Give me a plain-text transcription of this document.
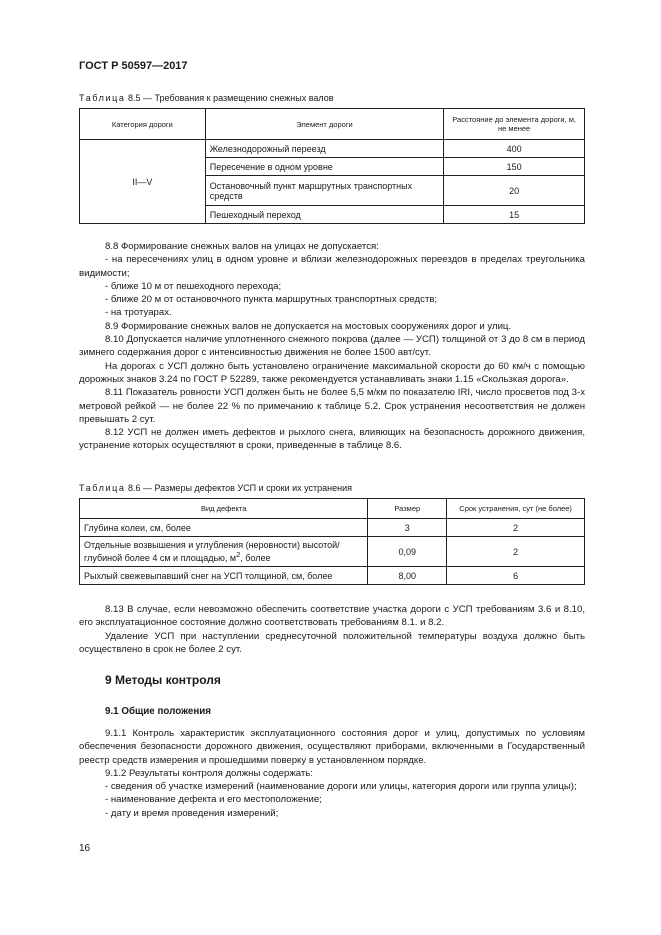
ГОСТ Р 50597—2017
Таблица 8.5 — Требования к размещению снежных валов
Категория дороги	Элемент дороги	Расстояние до элемента дороги, м, не менее
II—V	Железнодорожный переезд	400
	Пересечение в одном уровне	150
	Остановочный пункт маршрутных транспортных средств	20
	Пешеходный переход	15

8.8 Формирование снежных валов на улицах не допускается:

- на пересечениях улиц в одном уровне и вблизи железнодорожных переездов в пределах треугольника видимости;

- ближе 10 м от пешеходного перехода;

- ближе 20 м от остановочного пункта маршрутных транспортных средств;

- на тротуарах.

8.9 Формирование снежных валов не допускается на мостовых сооружениях дорог и улиц.

8.10 Допускается наличие уплотненного снежного покрова (далее — УСП) толщиной от 3 до 8 см в период зимнего содержания дорог с интенсивностью движения не более 1500 авт/сут.

На дорогах с УСП должно быть установлено ограничение максимальной скорости до 60 км/ч с помощью дорожных знаков 3.24 по ГОСТ Р 52289, также рекомендуется устанавливать знаки 1.15 «Скользкая дорога».

8.11 Показатель ровности УСП должен быть не более 5,5 м/км по показателю IRI, число просветов под 3-х метровой рейкой — не более 22 % по примечанию к таблице 5.2. Срок устранения несоответствия не должен превышать 2 сут.

8.12 УСП не должен иметь дефектов и рыхлого снега, влияющих на безопасность дорожного движения, устранение которых осуществляют в сроки, приведенные в таблице 8.6.

Таблица 8.6 — Размеры дефектов УСП и сроки их устранения
Вид дефекта	Размер	Срок устранения, сут (не более)
Глубина колеи, см, более	3	2
Отдельные возвышения и углубления (неровности) высотой/глубиной более 4 см и площадью, $м^2$, более	0,09	2
Рыхлый свежевыпавший снег на УСП толщиной, см, более	8,00	6

8.13 В случае, если невозможно обеспечить соответствие участка дороги с УСП требованиям 3.6 и 8.10, его эксплуатационное состояние должно соответствовать требованиям 8.1. и 8.2.

Удаление УСП при наступлении среднесуточной положительной температуры воздуха должно быть осуществлено в срок не более 2 сут.

9 Методы контроля
9.1 Общие положения

9.1.1 Контроль характеристик эксплуатационного состояния дорог и улиц, допустимых по условиям обеспечения безопасности дорожного движения, осуществляют приборами, включенными в Государственный реестр средств измерения и прошедшими поверку в установленном порядке.

9.1.2 Результаты контроля должны содержать:

- сведения об участке измерений (наименование дороги или улицы, категория дороги или группа улицы);

- наименование дефекта и его местоположение;

- дату и время проведения измерений;

16
